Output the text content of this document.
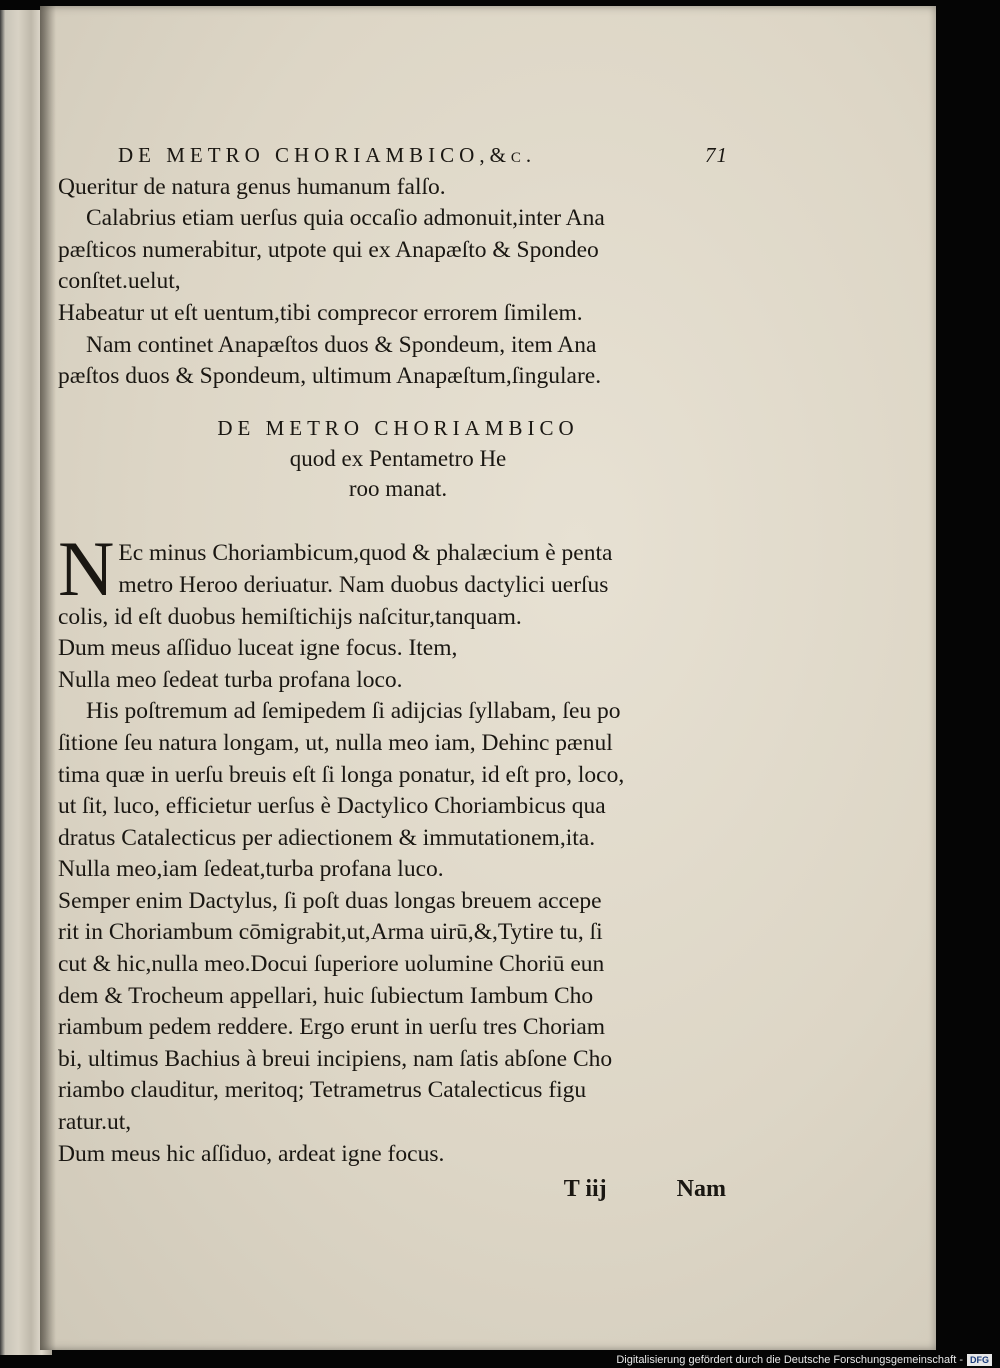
DE METRO CHORIAMBICO,&c.	71
Queritur de natura genus humanum falſo.
Calabrius etiam uerſus quia occaſio admonuit,inter Ana
pæſticos numerabitur, utpote qui ex Anapæſto & Spondeo
conſtet.uelut,
Habeatur ut eſt uentum,tibi comprecor errorem ſimilem.
Nam continet Anapæſtos duos & Spondeum, item Ana
pæſtos duos & Spondeum, ultimum Anapæſtum,ſingulare.
DE METRO CHORIAMBICO
quod ex Pentametro He
roo manat.
N Ec minus Choriambicum,quod & phalæcium è penta
metro Heroo deriuatur. Nam duobus dactylici uerſus
colis, id eſt duobus hemiſtichijs naſcitur,tanquam.
Dum meus aſſiduo luceat igne focus. Item,
Nulla meo ſedeat turba profana loco.
His poſtremum ad ſemipedem ſi adijcias ſyllabam, ſeu po
ſitione ſeu natura longam, ut, nulla meo iam, Dehinc pænul
tima quæ in uerſu breuis eſt ſi longa ponatur, id eſt pro, loco,
ut ſit, luco, efficietur uerſus è Dactylico Choriambicus qua
dratus Catalecticus per adiectionem & immutationem,ita.
Nulla meo,iam ſedeat,turba profana luco.
Semper enim Dactylus, ſi poſt duas longas breuem accepe
rit in Choriambum cōmigrabit,ut,Arma uirū,&,Tytire tu, ſi
cut & hic,nulla meo.Docui ſuperiore uolumine Choriū eun
dem & Trocheum appellari, huic ſubiectum Iambum Cho
riambum pedem reddere. Ergo erunt in uerſu tres Choriam
bi, ultimus Bachius à breui incipiens, nam ſatis abſone Cho
riambo clauditur, meritoq; Tetrametrus Catalecticus figu
ratur.ut,
Dum meus hic aſſiduo, ardeat igne focus.
T iij	Nam
Digitalisierung gefördert durch die Deutsche Forschungsgemeinschaft - DFG
